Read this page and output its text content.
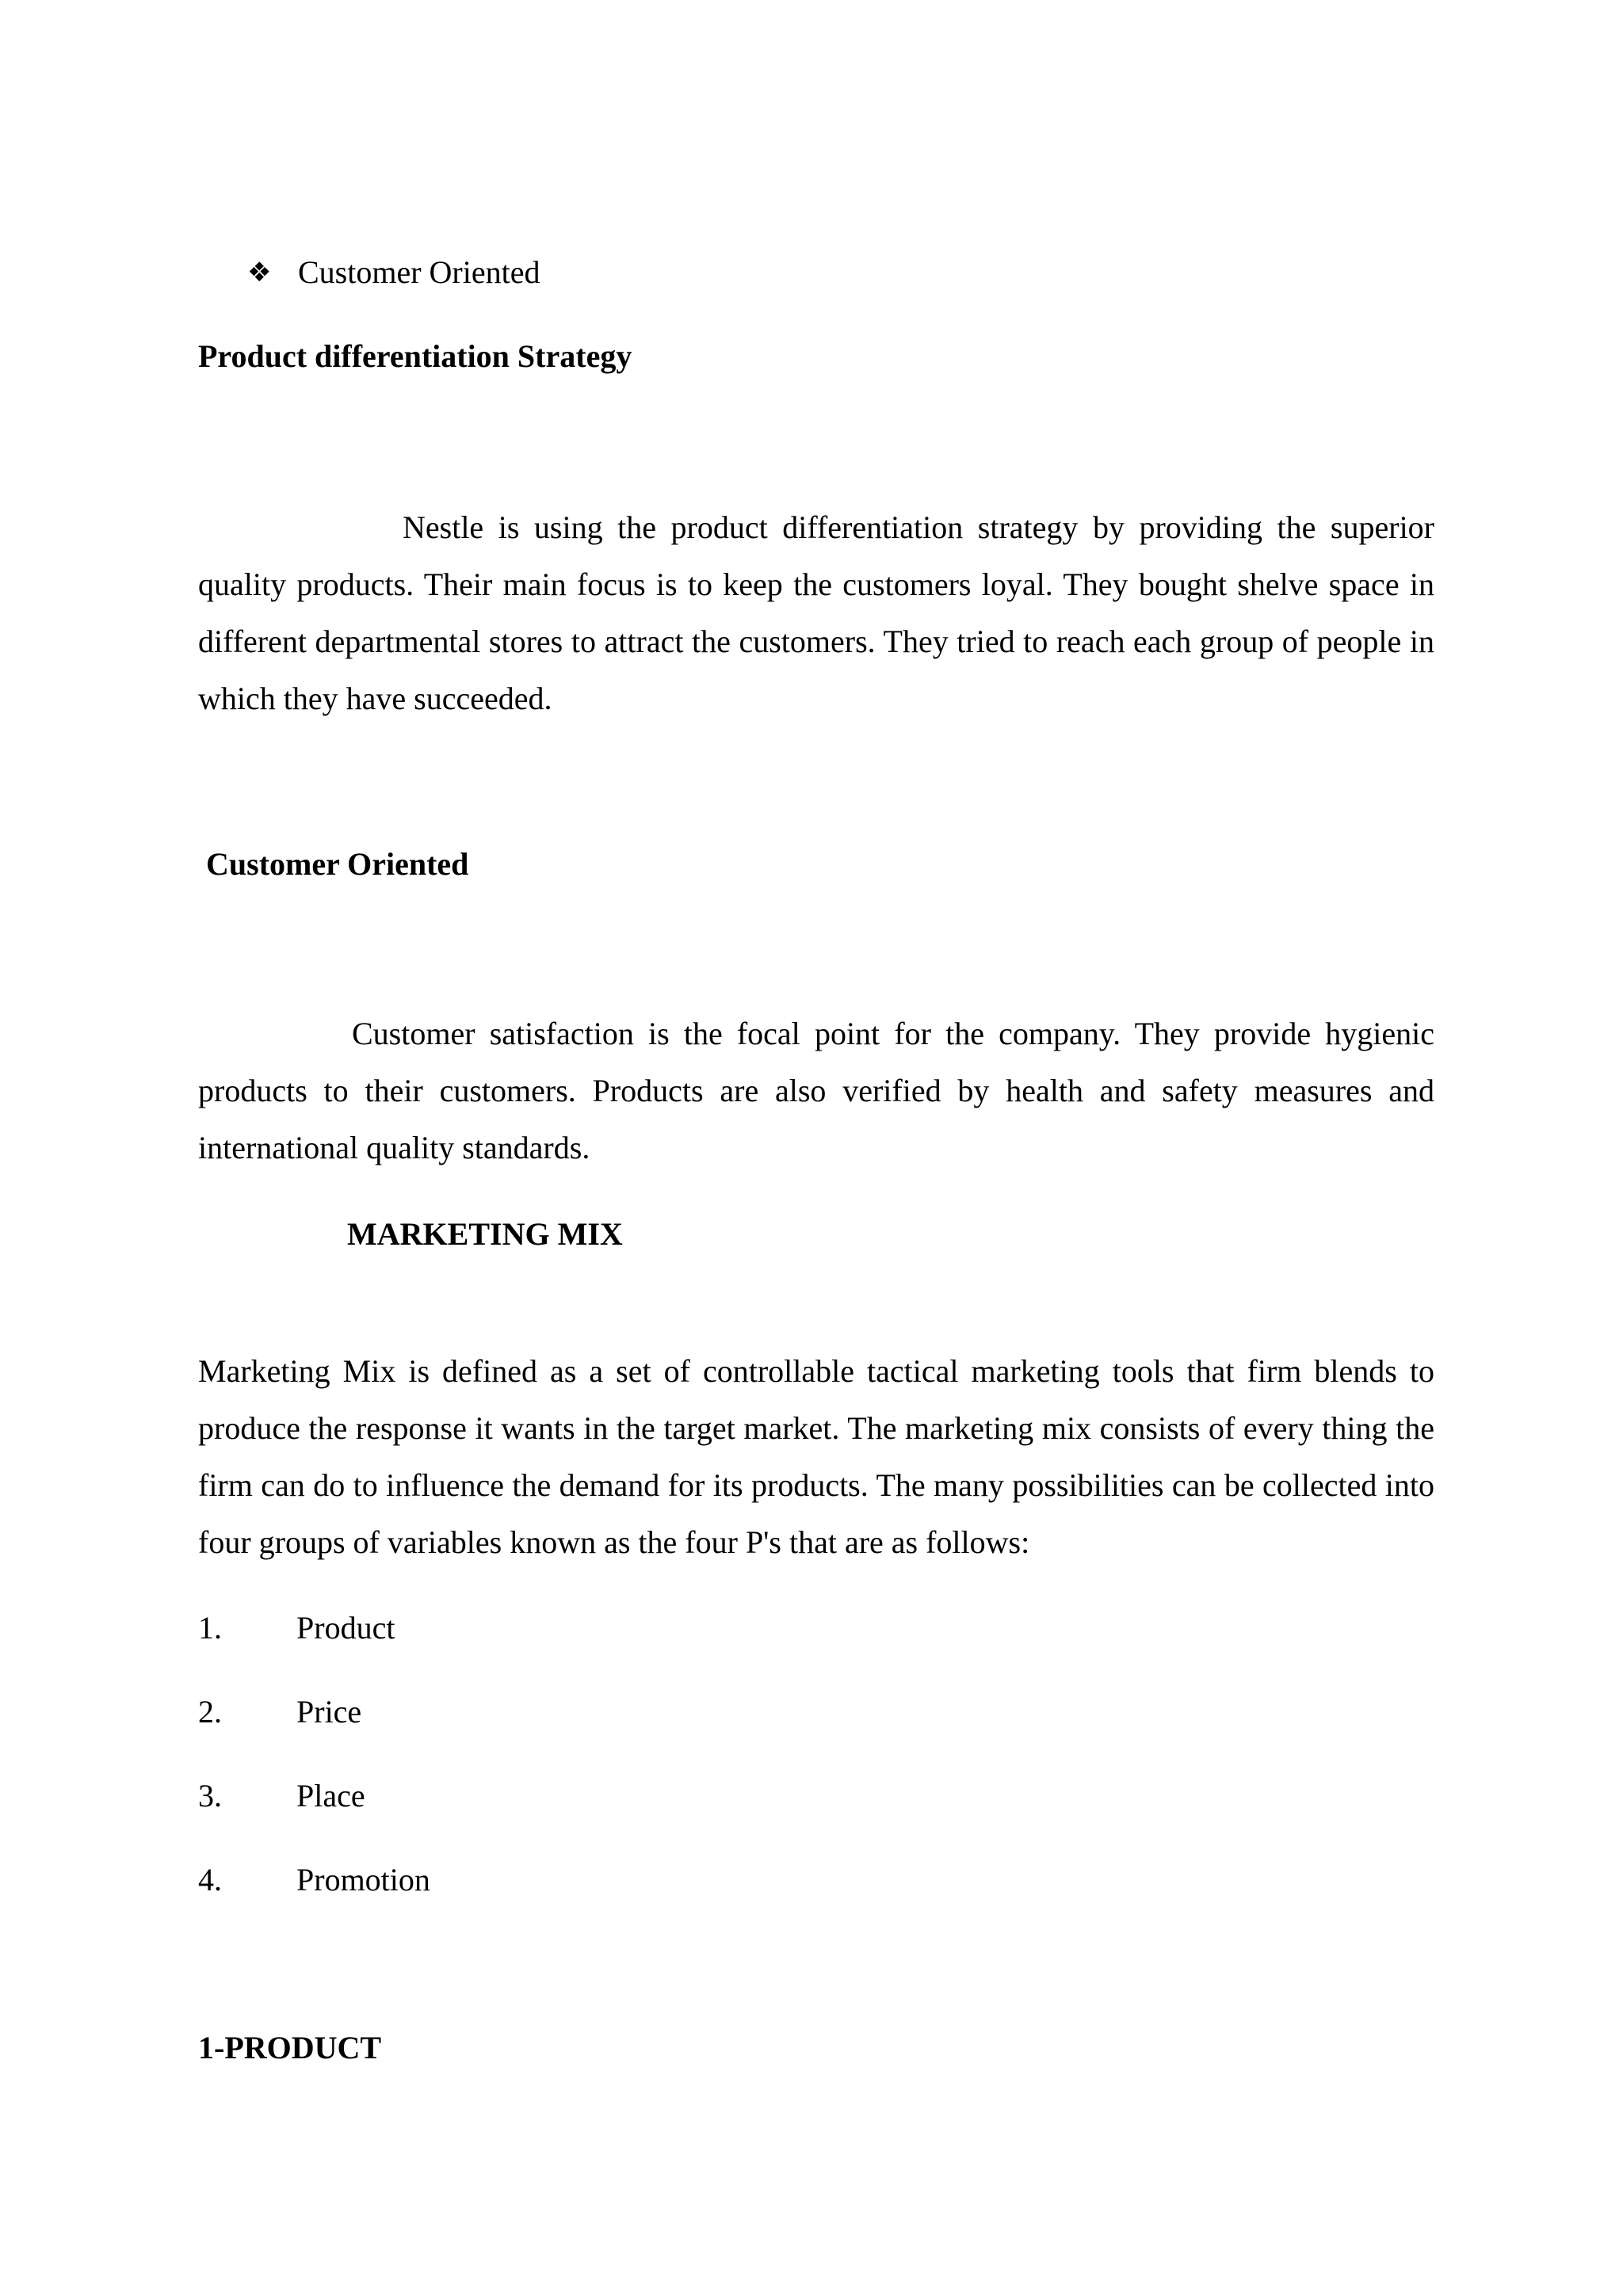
❖ Customer Oriented

Product differentiation Strategy

Nestle is using the product differentiation strategy by providing the superior quality products. Their main focus is to keep the customers loyal. They bought shelve space in different departmental stores to attract the customers. They tried to reach each group of people in which they have succeeded.

Customer Oriented

Customer satisfaction is the focal point for the company. They provide hygienic products to their customers. Products are also verified by health and safety measures and international quality standards.

MARKETING MIX

Marketing Mix is defined as a set of controllable tactical marketing tools that firm blends to produce the response it wants in the target market. The marketing mix consists of every thing the firm can do to influence the demand for its products. The many possibilities can be collected into four groups of variables known as the four P's that are as follows:

1. Product
2. Price
3. Place
4. Promotion

1-PRODUCT
